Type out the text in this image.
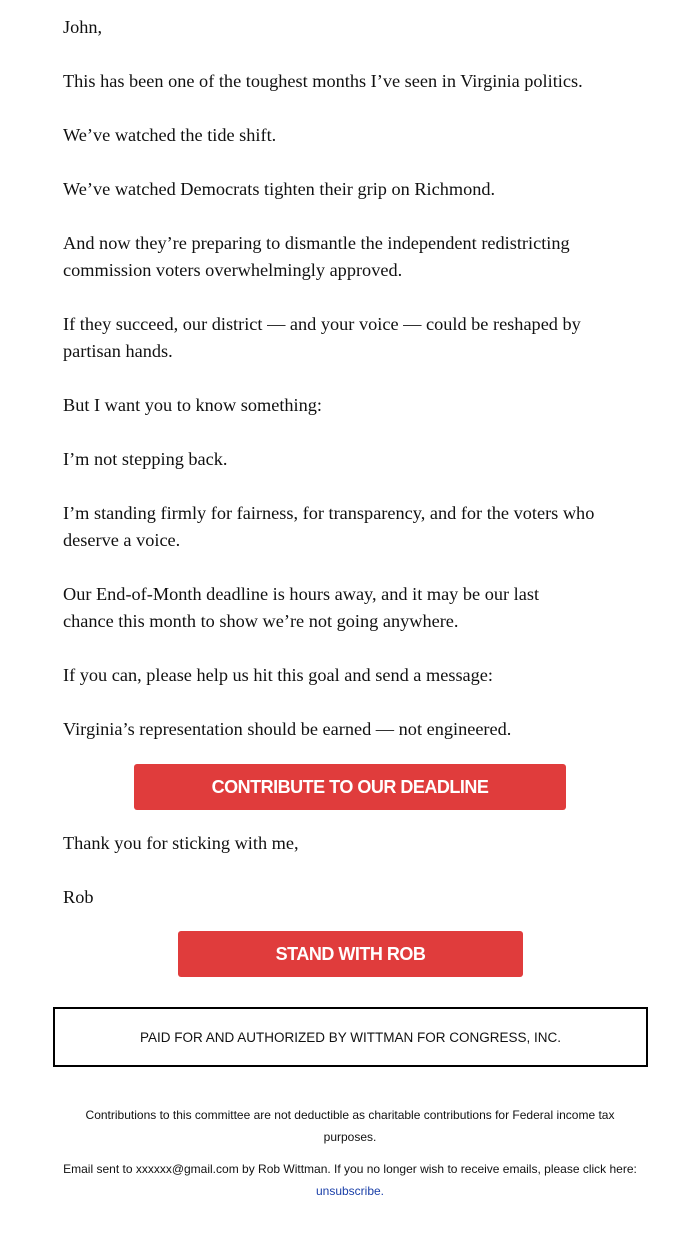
John,

This has been one of the toughest months I’ve seen in Virginia politics.

We’ve watched the tide shift.

We’ve watched Democrats tighten their grip on Richmond.

And now they’re preparing to dismantle the independent redistricting commission voters overwhelmingly approved.

If they succeed, our district — and your voice — could be reshaped by partisan hands.

But I want you to know something:

I’m not stepping back.

I’m standing firmly for fairness, for transparency, and for the voters who deserve a voice.

Our End-of-Month deadline is hours away, and it may be our last chance this month to show we’re not going anywhere.

If you can, please help us hit this goal and send a message:

Virginia’s representation should be earned — not engineered.

CONTRIBUTE TO OUR DEADLINE

Thank you for sticking with me,

Rob

STAND WITH ROB
PAID FOR AND AUTHORIZED BY WITTMAN FOR CONGRESS, INC.

Contributions to this committee are not deductible as charitable contributions for Federal income tax purposes.

Email sent to xxxxxx@gmail.com by Rob Wittman. If you no longer wish to receive emails, please click here:
unsubscribe.
